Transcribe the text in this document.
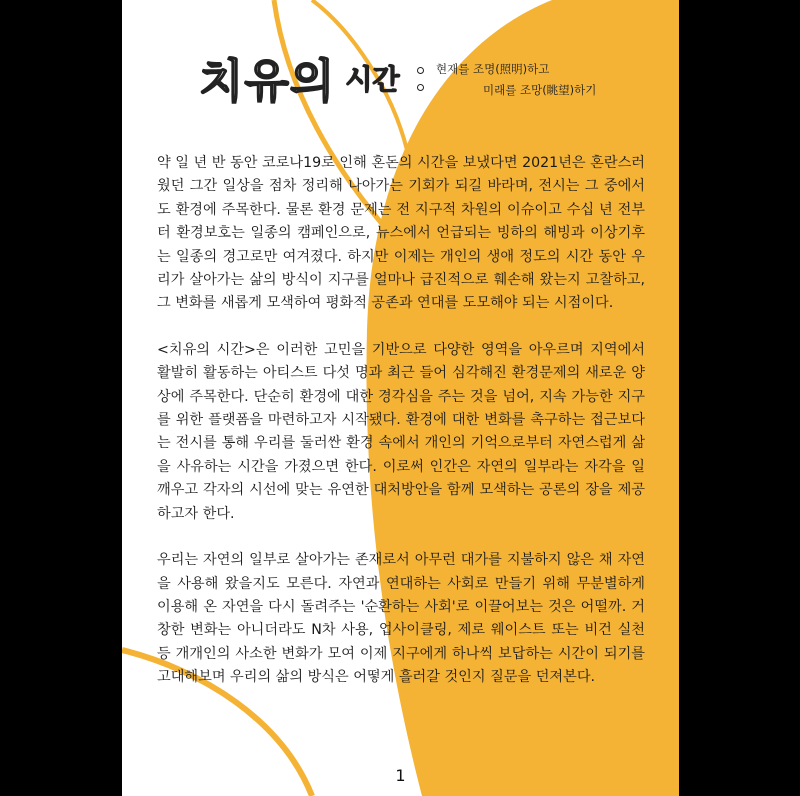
치유의 시간	현재를 조명(照明)하고
미래를 조망(眺望)하기

약 일 년 반 동안 코로나19로 인해 혼돈의 시간을 보냈다면 2021년은 혼란스러웠던 그간 일상을 점차 정리해 나아가는 기회가 되길 바라며, 전시는 그 중에서도 환경에 주목한다. 물론 환경 문제는 전 지구적 차원의 이슈이고 수십 년 전부터 환경보호는 일종의 캠페인으로, 뉴스에서 언급되는 빙하의 해빙과 이상기후는 일종의 경고로만 여겨졌다. 하지만 이제는 개인의 생애 정도의 시간 동안 우리가 살아가는 삶의 방식이 지구를 얼마나 급진적으로 훼손해 왔는지 고찰하고, 그 변화를 새롭게 모색하여 평화적 공존과 연대를 도모해야 되는 시점이다.

<치유의 시간>은 이러한 고민을 기반으로 다양한 영역을 아우르며 지역에서 활발히 활동하는 아티스트 다섯 명과 최근 들어 심각해진 환경문제의 새로운 양상에 주목한다. 단순히 환경에 대한 경각심을 주는 것을 넘어, 지속 가능한 지구를 위한 플랫폼을 마련하고자 시작됐다. 환경에 대한 변화를 촉구하는 접근보다는 전시를 통해 우리를 둘러싼 환경 속에서 개인의 기억으로부터 자연스럽게 삶을 사유하는 시간을 가졌으면 한다. 이로써 인간은 자연의 일부라는 자각을 일깨우고 각자의 시선에 맞는 유연한 대처방안을 함께 모색하는 공론의 장을 제공하고자 한다.

우리는 자연의 일부로 살아가는 존재로서 아무런 대가를 지불하지 않은 채 자연을 사용해 왔을지도 모른다. 자연과 연대하는 사회로 만들기 위해 무분별하게 이용해 온 자연을 다시 돌려주는 '순환하는 사회'로 이끌어보는 것은 어떨까. 거창한 변화는 아니더라도 N차 사용, 업사이클링, 제로 웨이스트 또는 비건 실천 등 개개인의 사소한 변화가 모여 이제 지구에게 하나씩 보답하는 시간이 되기를 고대해보며 우리의 삶의 방식은 어떻게 흘러갈 것인지 질문을 던져본다.

1
